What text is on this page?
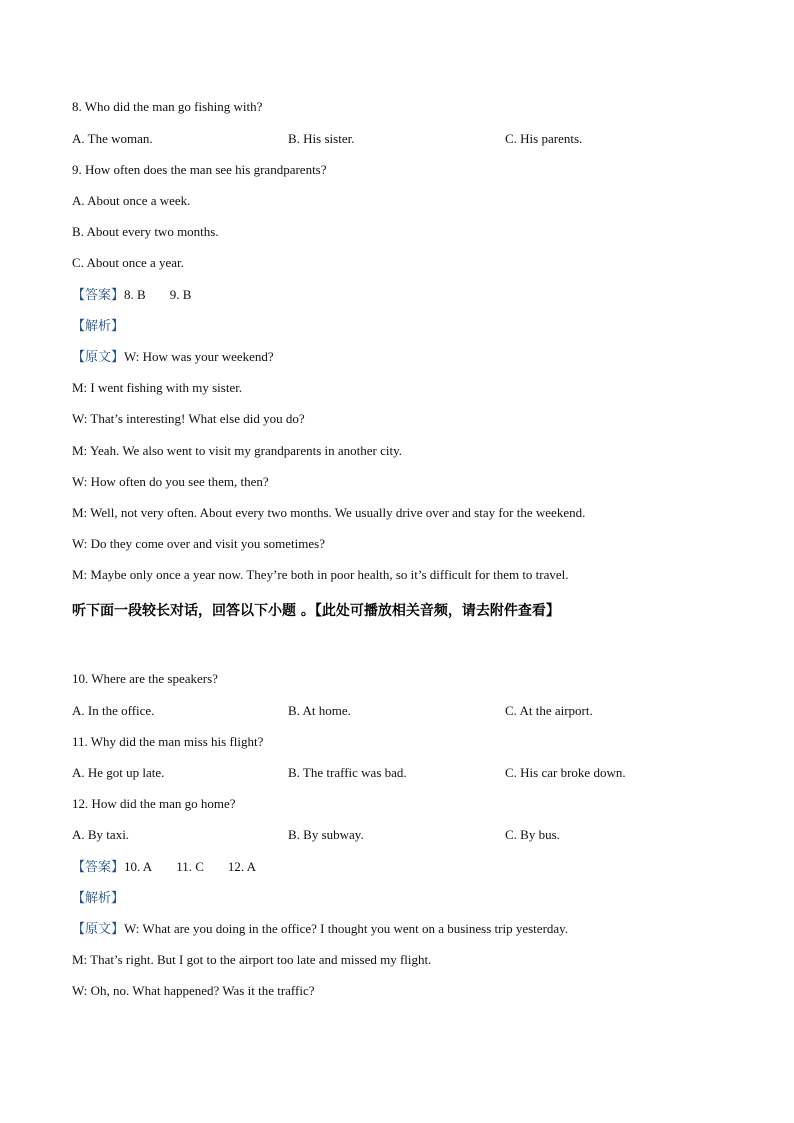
8. Who did the man go fishing with?
A. The woman.	B. His sister.	C. His parents.
9. How often does the man see his grandparents?
A. About once a week.
B. About every two months.
C. About once a year.
【答案】8. B 9. B
【解析】
【原文】W: How was your weekend?
M: I went fishing with my sister.
W: That’s interesting! What else did you do?
M: Yeah. We also went to visit my grandparents in another city.
W: How often do you see them, then?
M: Well, not very often. About every two months. We usually drive over and stay for the weekend.
W: Do they come over and visit you sometimes?
M: Maybe only once a year now. They’re both in poor health, so it’s difficult for them to travel.
听下面一段较长对话，回答以下小题 。【此处可播放相关音频，请去附件查看】
10. Where are the speakers?
A. In the office.	B. At home.	C. At the airport.
11. Why did the man miss his flight?
A. He got up late.	B. The traffic was bad.	C. His car broke down.
12. How did the man go home?
A. By taxi.	B. By subway.	C. By bus.
【答案】10. A 11. C 12. A
【解析】
【原文】W: What are you doing in the office? I thought you went on a business trip yesterday.
M: That’s right. But I got to the airport too late and missed my flight.
W: Oh, no. What happened? Was it the traffic?
